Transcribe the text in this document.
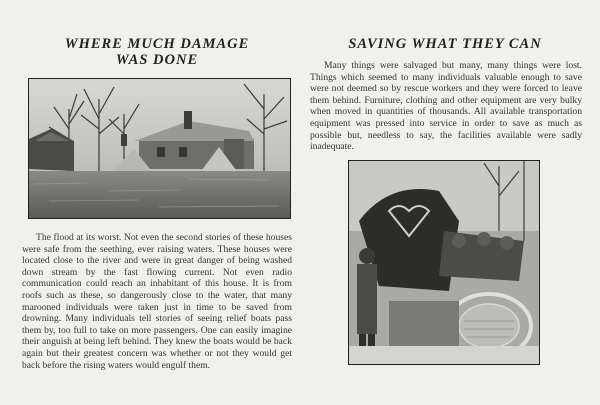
WHERE MUCH DAMAGE
WAS DONE

The flood at its worst. Not even the second stories of these houses were safe from the seething, ever raising waters. These houses were located close to the river and were in great danger of being washed down stream by the fast flowing current. Not even radio communication could reach an inhabitant of this house. It is from roofs such as these, so dangerously close to the water, that many marooned individuals were taken just in time to be saved from drowning. Many individuals tell stories of seeing relief boats pass them by, too full to take on more passengers. One can easily imagine their anguish at being left behind. They knew the boats would be back again but their greatest concern was whether or not they would get back before the rising waters would engulf them.

SAVING WHAT THEY CAN

Many things were salvaged but many, many things were lost. Things which seemed to many individuals valuable enough to save were not deemed so by rescue workers and they were forced to leave them behind. Furniture, clothing and other equipment are very bulky when moved in quantities of thousands. All available transportation equipment was pressed into service in order to save as much as possible but, needless to say, the facilities available were sadly inadequate.
